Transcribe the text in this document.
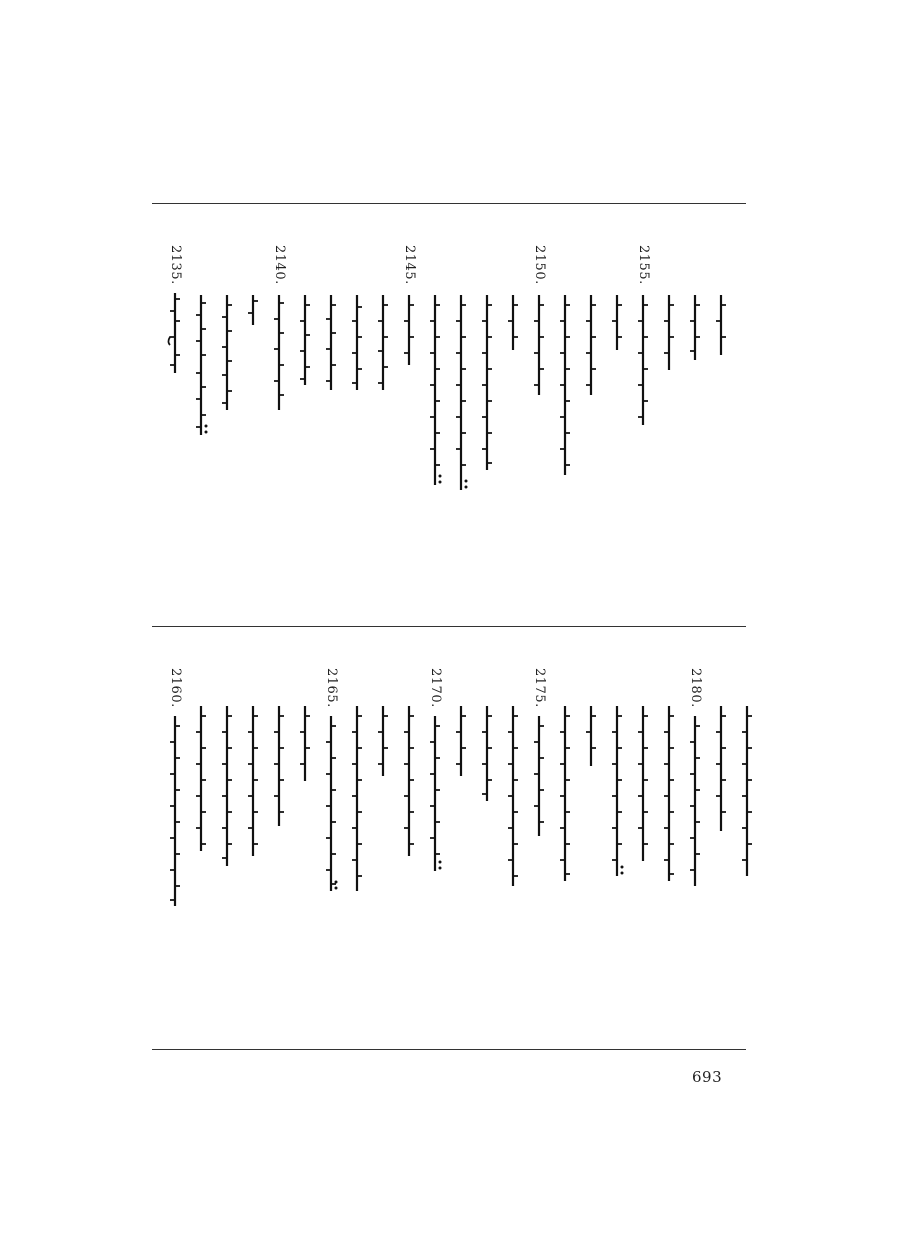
2135.	2140.	2145.	2150.	2155.
2160.	2165.	2170.	2175.	2180.
693
